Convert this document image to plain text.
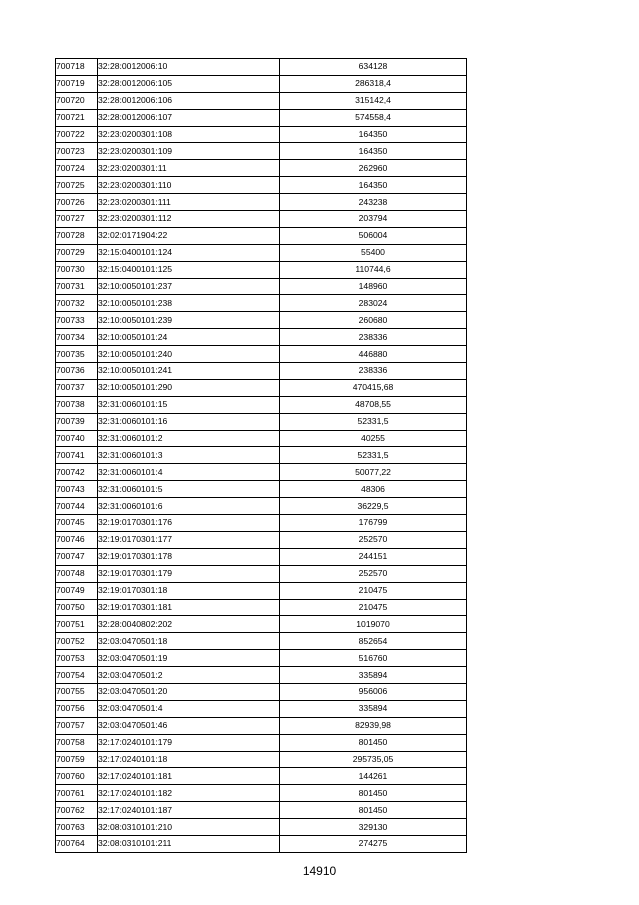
700718	32:28:0012006:10	634128
700719	32:28:0012006:105	286318,4
700720	32:28:0012006:106	315142,4
700721	32:28:0012006:107	574558,4
700722	32:23:0200301:108	164350
700723	32:23:0200301:109	164350
700724	32:23:0200301:11	262960
700725	32:23:0200301:110	164350
700726	32:23:0200301:111	243238
700727	32:23:0200301:112	203794
700728	32:02:0171904:22	506004
700729	32:15:0400101:124	55400
700730	32:15:0400101:125	110744,6
700731	32:10:0050101:237	148960
700732	32:10:0050101:238	283024
700733	32:10:0050101:239	260680
700734	32:10:0050101:24	238336
700735	32:10:0050101:240	446880
700736	32:10:0050101:241	238336
700737	32:10:0050101:290	470415,68
700738	32:31:0060101:15	48708,55
700739	32:31:0060101:16	52331,5
700740	32:31:0060101:2	40255
700741	32:31:0060101:3	52331,5
700742	32:31:0060101:4	50077,22
700743	32:31:0060101:5	48306
700744	32:31:0060101:6	36229,5
700745	32:19:0170301:176	176799
700746	32:19:0170301:177	252570
700747	32:19:0170301:178	244151
700748	32:19:0170301:179	252570
700749	32:19:0170301:18	210475
700750	32:19:0170301:181	210475
700751	32:28:0040802:202	1019070
700752	32:03:0470501:18	852654
700753	32:03:0470501:19	516760
700754	32:03:0470501:2	335894
700755	32:03:0470501:20	956006
700756	32:03:0470501:4	335894
700757	32:03:0470501:46	82939,98
700758	32:17:0240101:179	801450
700759	32:17:0240101:18	295735,05
700760	32:17:0240101:181	144261
700761	32:17:0240101:182	801450
700762	32:17:0240101:187	801450
700763	32:08:0310101:210	329130
700764	32:08:0310101:211	274275
14910
